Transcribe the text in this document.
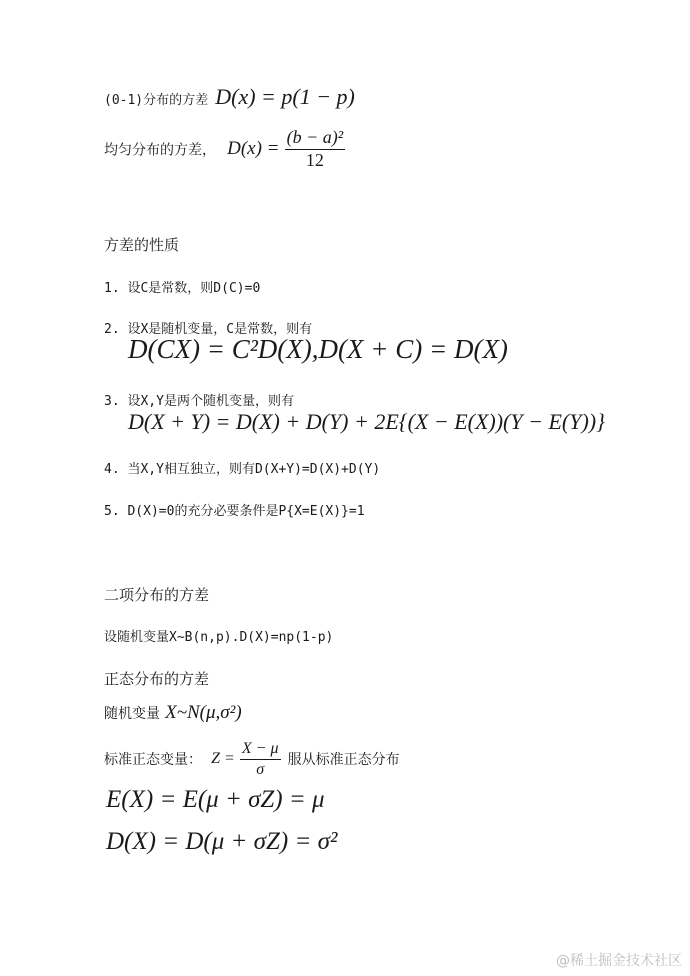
(0-1)分布的方差 D(x) = p(1 − p)
均匀分布的方差， $D(x) = \frac{\text{(b − a)²}}{12}$
方差的性质
1. 设C是常数，则D(C)=0
2. 设X是随机变量，C是常数，则有
D(CX) = C²D(X),D(X + C) = D(X)
3. 设X,Y是两个随机变量，则有
D(X + Y) = D(X) + D(Y) + 2E{(X − E(X))(Y − E(Y))}
4. 当X,Y相互独立，则有D(X+Y)=D(X)+D(Y)
5. D(X)=0的充分必要条件是P{X=E(X)}=1
二项分布的方差
设随机变量X~B(n,p).D(X)=np(1-p)
正态分布的方差
随机变量 X~N(μ,σ²)
标准正态变量： $Z = \frac{X - \mu}{\sigma}$ 服从标准正态分布
E(X) = E(μ + σZ) = μ
D(X) = D(μ + σZ) = σ²
@稀土掘金技术社区
